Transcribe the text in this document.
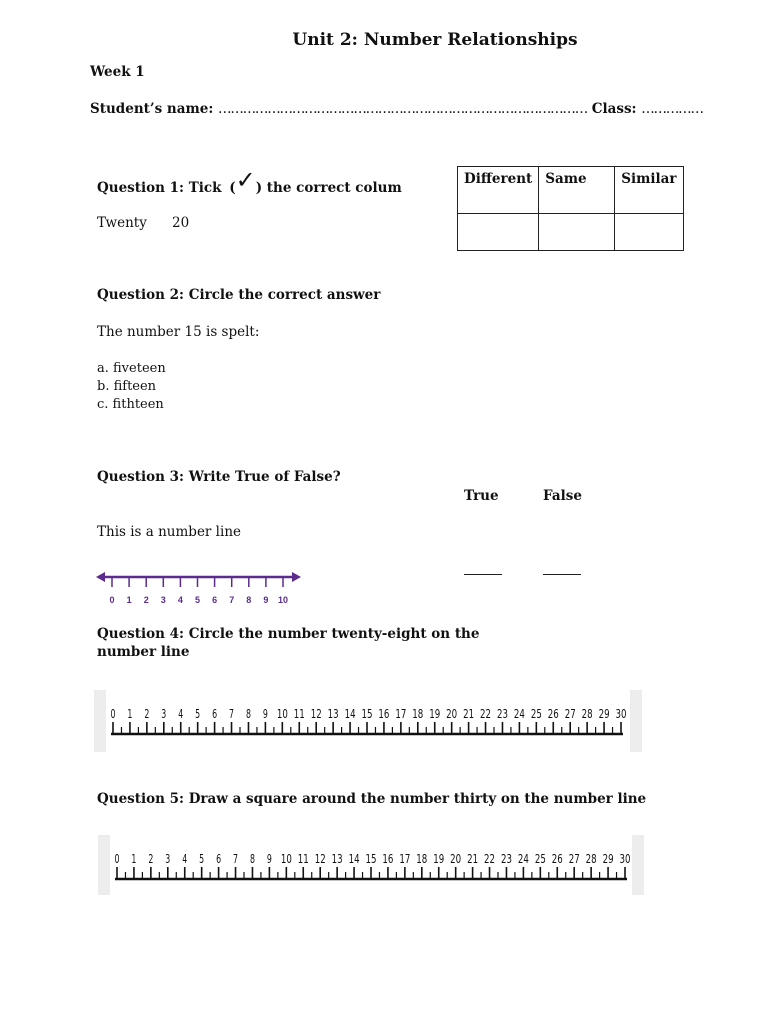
Unit 2: Number Relationships
Week 1
Student’s name: ……………………………………………………………………………… Class: ……………
Question 1: Tick (✓) the correct colum
Twenty 20
Different	Same	Similar

Question 2: Circle the correct answer
The number 15 is spelt:
a. fiveteen
b. fifteen
c. fithteen
Question 3: Write True of False?
True	False
This is a number line
0 1 2 3 4 5 6 7 8 9 10
Question 4: Circle the number twenty-eight on the
number line
0 1 2 3 4 5 6 7 8 9 10 11 12 13 14 15 16 17 18 19 20 21 22 23 24 25 26 27 28 29 30
Question 5: Draw a square around the number thirty on the number line
0 1 2 3 4 5 6 7 8 9 10 11 12 13 14 15 16 17 18 19 20 21 22 23 24 25 26 27 28 29 30
